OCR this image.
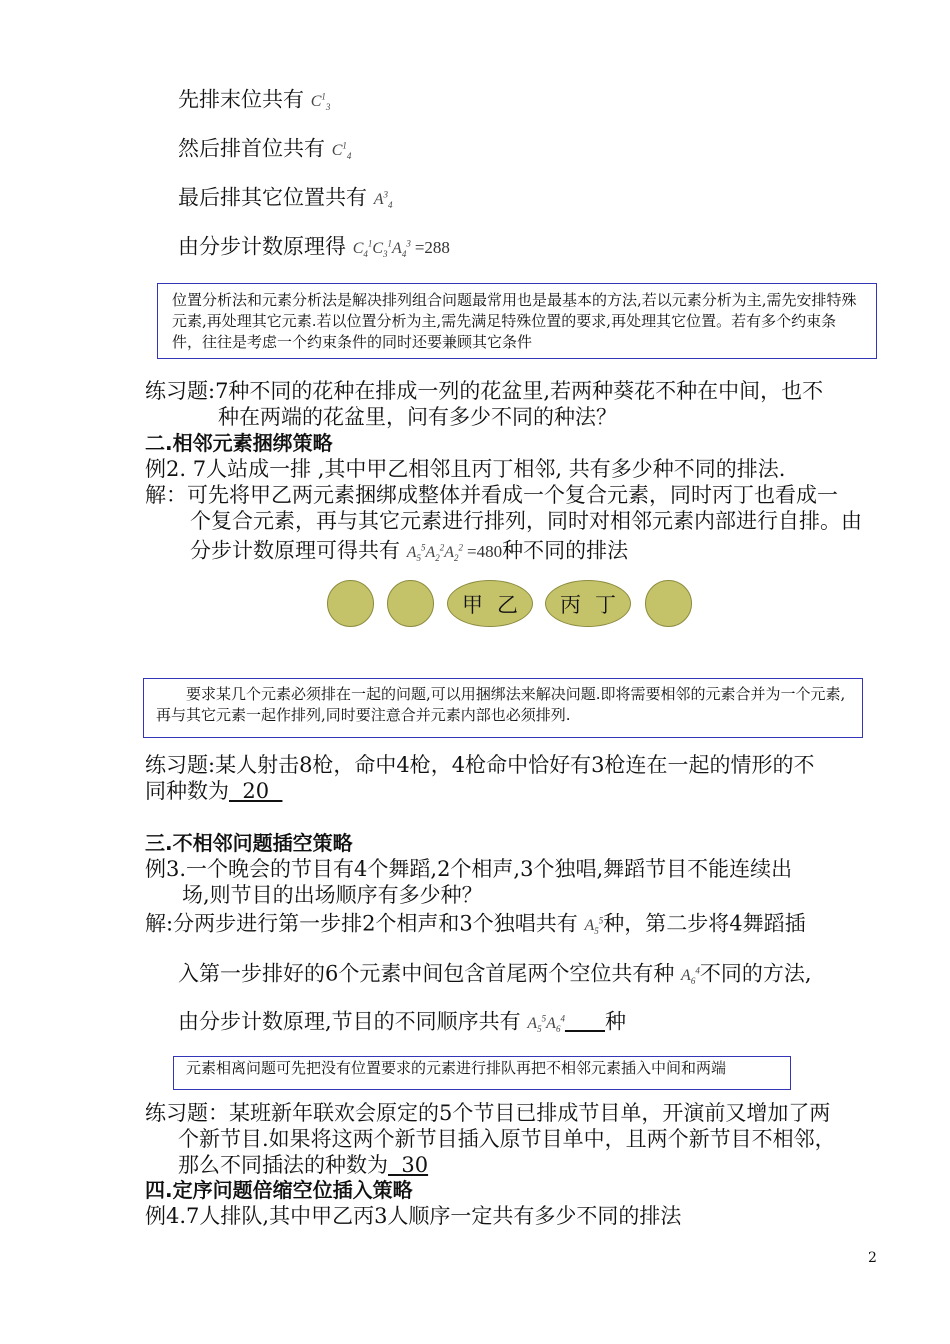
先排末位共有 $C^1_3$
然后排首位共有 $C^1_4$
最后排其它位置共有 $A^3_4$
由分步计数原理得 $C_4^1C_3^1A_4^3 =288$
位置分析法和元素分析法是解决排列组合问题最常用也是最基本的方法,若以元素分析为主,需先安排特殊元素,再处理其它元素.若以位置分析为主,需先满足特殊位置的要求,再处理其它位置。若有多个约束条件，往往是考虑一个约束条件的同时还要兼顾其它条件
练习题:7种不同的花种在排成一列的花盆里,若两种葵花不种在中间，也不
种在两端的花盆里，问有多少不同的种法？
二.相邻元素捆绑策略
例2. 7人站成一排 ,其中甲乙相邻且丙丁相邻, 共有多少种不同的排法.
解：可先将甲乙两元素捆绑成整体并看成一个复合元素，同时丙丁也看成一
个复合元素，再与其它元素进行排列，同时对相邻元素内部进行自排。由
分步计数原理可得共有 $A_5^5A_2^2A_2^2 =480$种不同的排法
甲乙	丙丁
要求某几个元素必须排在一起的问题,可以用捆绑法来解决问题.即将需要相邻的元素合并为一个元素,再与其它元素一起作排列,同时要注意合并元素内部也必须排列.
练习题:某人射击8枪，命中4枪，4枪命中恰好有3枪连在一起的情形的不
同种数为  20
三.不相邻问题插空策略
例3.一个晚会的节目有4个舞蹈,2个相声,3个独唱,舞蹈节目不能连续出
场,则节目的出场顺序有多少种？
解:分两步进行第一步排2个相声和3个独唱共有 $A_5^5$种，第二步将4舞蹈插
入第一步排好的6个元素中间包含首尾两个空位共有种 $A_6^4$不同的方法,
由分步计数原理,节目的不同顺序共有 $A_5^5A_6^4$ 种
元素相离问题可先把没有位置要求的元素进行排队再把不相邻元素插入中间和两端
练习题：某班新年联欢会原定的5个节目已排成节目单，开演前又增加了两
个新节目.如果将这两个新节目插入原节目单中，且两个新节目不相邻，
那么不同插法的种数为  30
四.定序问题倍缩空位插入策略
例4.7人排队,其中甲乙丙3人顺序一定共有多少不同的排法
2
